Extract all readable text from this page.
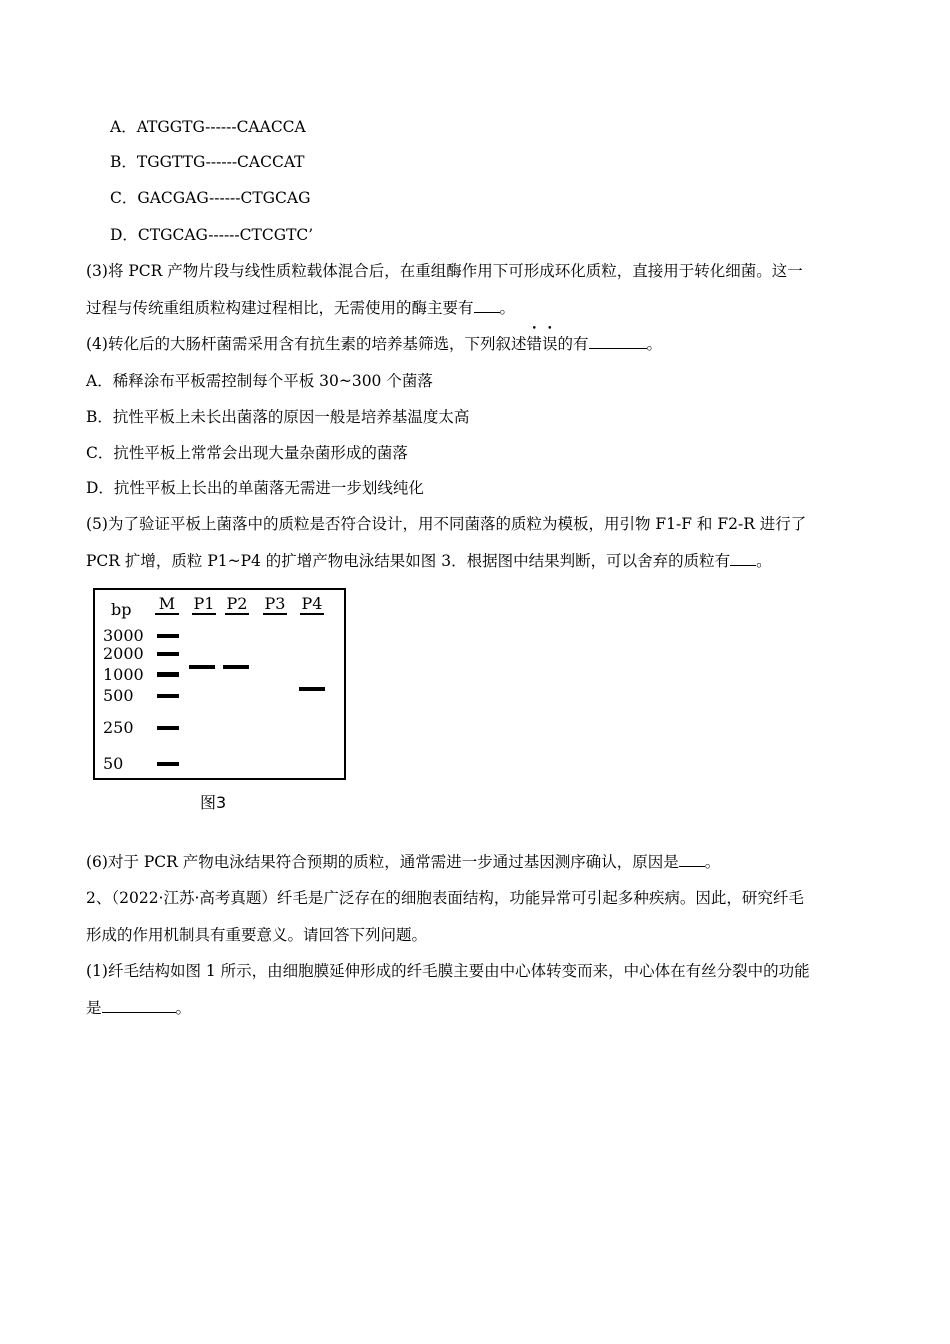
A．ATGGTG------CAACCA
B．TGGTTG------CACCAT
C．GACGAG------CTGCAG
D．CTGCAG------CTCGTC’
(3)将 PCR 产物片段与线性质粒载体混合后，在重组酶作用下可形成环化质粒，直接用于转化细菌。这一
过程与传统重组质粒构建过程相比，无需使用的酶主要有 。
(4)转化后的大肠杆菌需采用含有抗生素的培养基筛选，下列叙述错误的有	。
A．稀释涂布平板需控制每个平板 30~300 个菌落
B．抗性平板上未长出菌落的原因一般是培养基温度太高
C．抗性平板上常常会出现大量杂菌形成的菌落
D．抗性平板上长出的单菌落无需进一步划线纯化
(5)为了验证平板上菌落中的质粒是否符合设计，用不同菌落的质粒为模板，用引物 F1-F 和 F2-R 进行了
PCR 扩增，质粒 P1~P4 的扩增产物电泳结果如图 3．根据图中结果判断，可以舍弃的质粒有 。
bp	M	P1 P2 P3 P4
3000
2000
1000
500
250
50
图3
(6)对于 PCR 产物电泳结果符合预期的质粒，通常需进一步通过基因测序确认，原因是 。
2、（2022·江苏·高考真题）纤毛是广泛存在的细胞表面结构，功能异常可引起多种疾病。因此，研究纤毛
形成的作用机制具有重要意义。请回答下列问题。
(1)纤毛结构如图 1 所示，由细胞膜延伸形成的纤毛膜主要由中心体转变而来，中心体在有丝分裂中的功能
是	。
